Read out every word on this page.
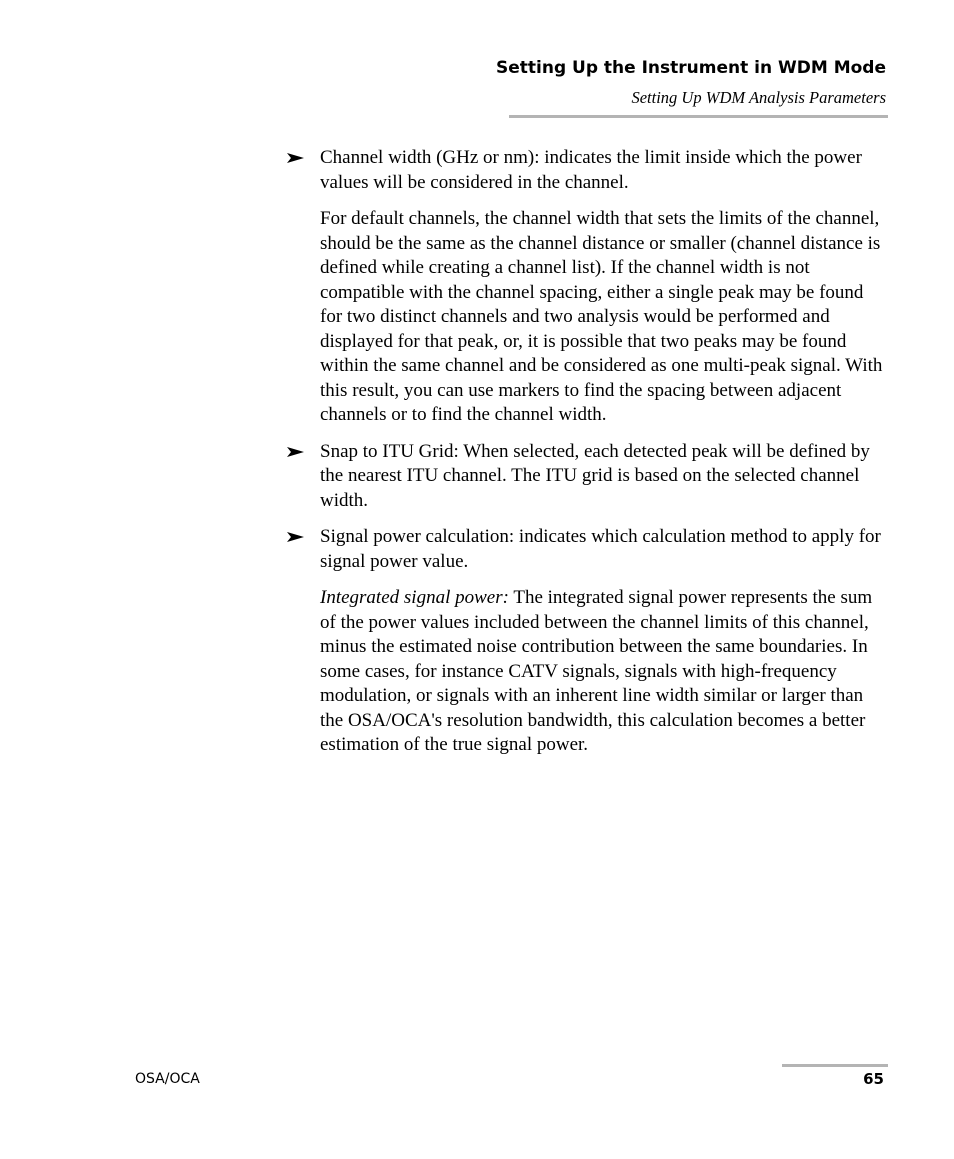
Setting Up the Instrument in WDM Mode
Setting Up WDM Analysis Parameters
Channel width (GHz or nm): indicates the limit inside which the power values will be considered in the channel.

For default channels, the channel width that sets the limits of the channel, should be the same as the channel distance or smaller (channel distance is defined while creating a channel list). If the channel width is not compatible with the channel spacing, either a single peak may be found for two distinct channels and two analysis would be performed and displayed for that peak, or, it is possible that two peaks may be found within the same channel and be considered as one multi-peak signal. With this result, you can use markers to find the spacing between adjacent channels or to find the channel width.

Snap to ITU Grid: When selected, each detected peak will be defined by the nearest ITU channel. The ITU grid is based on the selected channel width.
Signal power calculation: indicates which calculation method to apply for signal power value.

Integrated signal power: The integrated signal power represents the sum of the power values included between the channel limits of this channel, minus the estimated noise contribution between the same boundaries. In some cases, for instance CATV signals, signals with high-frequency modulation, or signals with an inherent line width similar or larger than the OSA/OCA's resolution bandwidth, this calculation becomes a better estimation of the true signal power.

OSA/OCA	65
